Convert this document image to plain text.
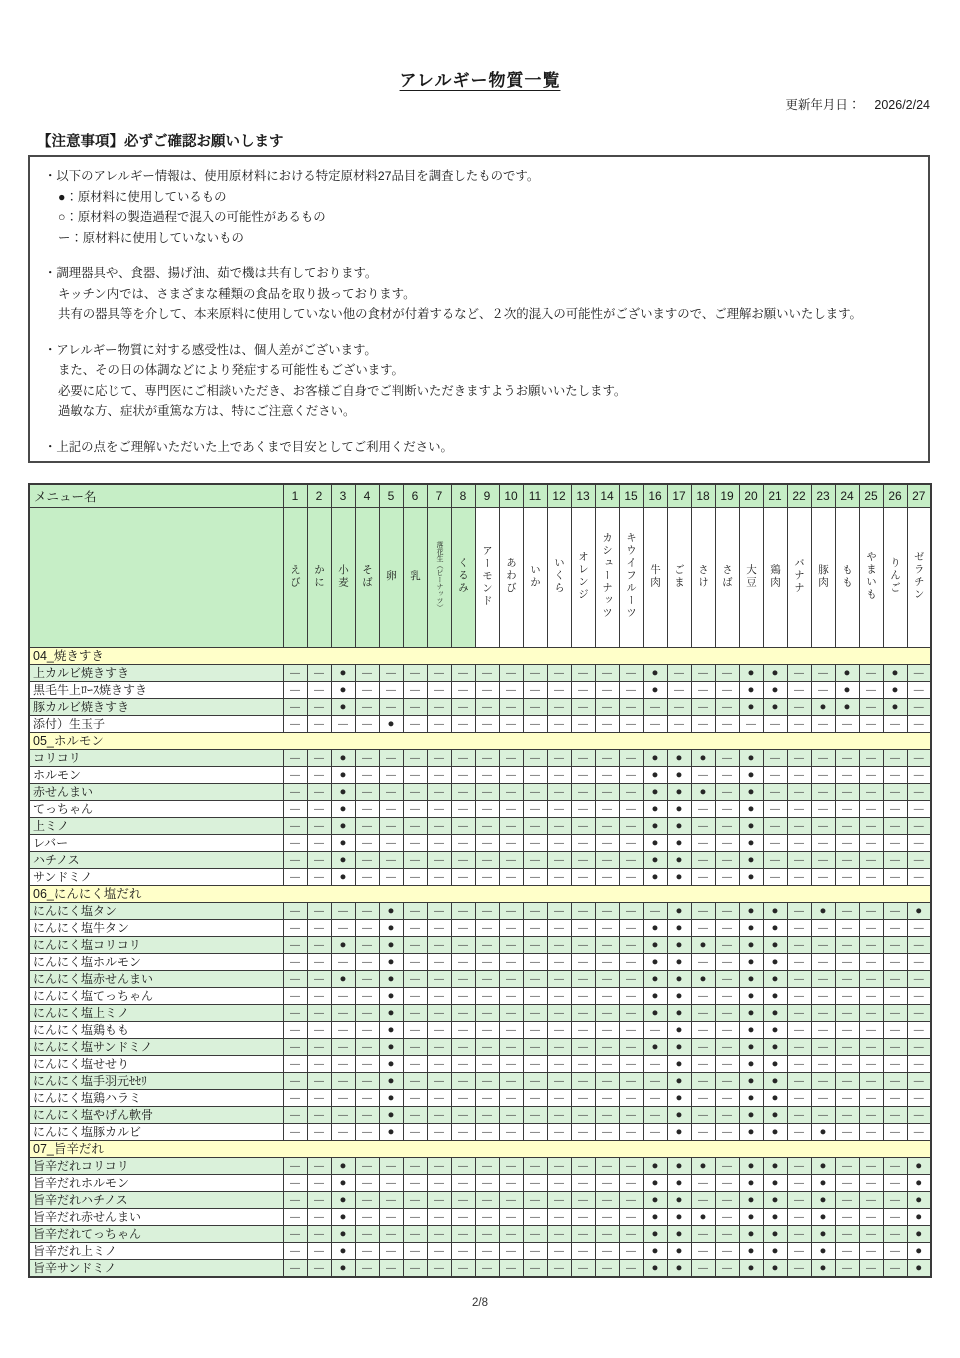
アレルギー物質一覧
更新年月日： 2026/2/24
【注意事項】必ずご確認お願いします
・以下のアレルギー情報は、使用原材料における特定原材料27品目を調査したものです。
●：原材料に使用しているもの
○：原材料の製造過程で混入の可能性があるもの
ー：原材料に使用していないもの
・調理器具や、食器、揚げ油、茹で機は共有しております。
キッチン内では、さまざまな種類の食品を取り扱っております。
共有の器具等を介して、本来原料に使用していない他の食材が付着するなど、２次的混入の可能性がございますので、ご理解お願いいたします。
・アレルギー物質に対する感受性は、個人差がございます。
また、その日の体調などにより発症する可能性もございます。
必要に応じて、専門医にご相談いただき、お客様ご自身でご判断いただきますようお願いいたします。
過敏な方、症状が重篤な方は、特にご注意ください。
・上記の点をご理解いただいた上であくまで目安としてご利用ください。
メニュー名	1	2	3	4	5	6	7	8	9	10	11	12	13	14	15	16	17	18	19	20	21	22	23	24	25	26	27
	えび	かに	小麦	そば	卵	乳	落花生（ピーナッツ）	くるみ	アーモンド	あわび	いか	いくら	オレンジ	カシューナッツ	キウイフルーツ	牛肉	ごま	さけ	さば	大豆	鶏肉	バナナ	豚肉	もも	やまいも	りんご	ゼラチン
04_焼きすき																											
上カルビ焼きすき	—	—	●	—	—	—	—	—	—	—	—	—	—	—	—	●	—	—	—	●	●	—	—	●	—	●	—
黒毛牛上ﾛｰｽ焼きすき	—	—	●	—	—	—	—	—	—	—	—	—	—	—	—	●	—	—	—	●	●	—	—	●	—	●	—
豚カルビ焼きすき	—	—	●	—	—	—	—	—	—	—	—	—	—	—	—	—	—	—	—	●	●	—	●	●	—	●	—
添付）生玉子	—	—	—	—	●	—	—	—	—	—	—	—	—	—	—	—	—	—	—	—	—	—	—	—	—	—	—
05_ホルモン																											
コリコリ	—	—	●	—	—	—	—	—	—	—	—	—	—	—	—	●	●	●	—	●	—	—	—	—	—	—	—
ホルモン	—	—	●	—	—	—	—	—	—	—	—	—	—	—	—	●	●	—	—	●	—	—	—	—	—	—	—
赤せんまい	—	—	●	—	—	—	—	—	—	—	—	—	—	—	—	●	●	●	—	●	—	—	—	—	—	—	—
てっちゃん	—	—	●	—	—	—	—	—	—	—	—	—	—	—	—	●	●	—	—	●	—	—	—	—	—	—	—
上ミノ	—	—	●	—	—	—	—	—	—	—	—	—	—	—	—	●	●	—	—	●	—	—	—	—	—	—	—
レバー	—	—	●	—	—	—	—	—	—	—	—	—	—	—	—	●	●	—	—	●	—	—	—	—	—	—	—
ハチノス	—	—	●	—	—	—	—	—	—	—	—	—	—	—	—	●	●	—	—	●	—	—	—	—	—	—	—
サンドミノ	—	—	●	—	—	—	—	—	—	—	—	—	—	—	—	●	●	—	—	●	—	—	—	—	—	—	—
06_にんにく塩だれ																											
にんにく塩タン	—	—	—	—	●	—	—	—	—	—	—	—	—	—	—	—	●	—	—	●	●	—	●	—	—	—	●
にんにく塩牛タン	—	—	—	—	●	—	—	—	—	—	—	—	—	—	—	●	●	—	—	●	●	—	—	—	—	—	—
にんにく塩コリコリ	—	—	●	—	●	—	—	—	—	—	—	—	—	—	—	●	●	●	—	●	●	—	—	—	—	—	—
にんにく塩ホルモン	—	—	—	—	●	—	—	—	—	—	—	—	—	—	—	●	●	—	—	●	●	—	—	—	—	—	—
にんにく塩赤せんまい	—	—	●	—	●	—	—	—	—	—	—	—	—	—	—	●	●	●	—	●	●	—	—	—	—	—	—
にんにく塩てっちゃん	—	—	—	—	●	—	—	—	—	—	—	—	—	—	—	●	●	—	—	●	●	—	—	—	—	—	—
にんにく塩上ミノ	—	—	—	—	●	—	—	—	—	—	—	—	—	—	—	●	●	—	—	●	●	—	—	—	—	—	—
にんにく塩鶏もも	—	—	—	—	●	—	—	—	—	—	—	—	—	—	—	—	●	—	—	●	●	—	—	—	—	—	—
にんにく塩サンドミノ	—	—	—	—	●	—	—	—	—	—	—	—	—	—	—	●	●	—	—	●	●	—	—	—	—	—	—
にんにく塩せせり	—	—	—	—	●	—	—	—	—	—	—	—	—	—	—	—	●	—	—	●	●	—	—	—	—	—	—
にんにく塩手羽元ｾｾﾘ	—	—	—	—	●	—	—	—	—	—	—	—	—	—	—	—	●	—	—	●	●	—	—	—	—	—	—
にんにく塩鶏ハラミ	—	—	—	—	●	—	—	—	—	—	—	—	—	—	—	—	●	—	—	●	●	—	—	—	—	—	—
にんにく塩やげん軟骨	—	—	—	—	●	—	—	—	—	—	—	—	—	—	—	—	●	—	—	●	●	—	—	—	—	—	—
にんにく塩豚カルビ	—	—	—	—	●	—	—	—	—	—	—	—	—	—	—	—	●	—	—	●	●	—	●	—	—	—	—
07_旨辛だれ																											
旨辛だれコリコリ	—	—	●	—	—	—	—	—	—	—	—	—	—	—	—	●	●	●	—	●	●	—	●	—	—	—	●
旨辛だれホルモン	—	—	●	—	—	—	—	—	—	—	—	—	—	—	—	●	●	—	—	●	●	—	●	—	—	—	●
旨辛だれハチノス	—	—	●	—	—	—	—	—	—	—	—	—	—	—	—	●	●	—	—	●	●	—	●	—	—	—	●
旨辛だれ赤せんまい	—	—	●	—	—	—	—	—	—	—	—	—	—	—	—	●	●	●	—	●	●	—	●	—	—	—	●
旨辛だれてっちゃん	—	—	●	—	—	—	—	—	—	—	—	—	—	—	—	●	●	—	—	●	●	—	●	—	—	—	●
旨辛だれ上ミノ	—	—	●	—	—	—	—	—	—	—	—	—	—	—	—	●	●	—	—	●	●	—	●	—	—	—	●
旨辛サンドミノ	—	—	●	—	—	—	—	—	—	—	—	—	—	—	—	●	●	—	—	●	●	—	●	—	—	—	●
2/8
